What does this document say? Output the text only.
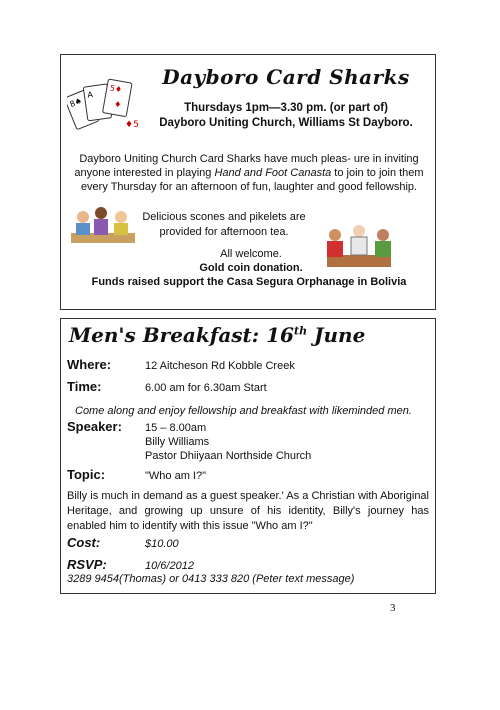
8♠
A
5♦
♦
♦5
Dayboro Card Sharks
Thursdays 1pm—3.30 pm. (or part of)
Dayboro Uniting Church, Williams St Dayboro.
Dayboro Uniting Church Card Sharks have much pleas- ure in inviting anyone interested in playing Hand and Foot Canasta to join to join them every Thursday for an afternoon of fun, laughter and good fellowship.
Delicious scones and pikelets are provided for afternoon tea.
All welcome.
Gold coin donation.
Funds raised support the Casa Segura Orphanage in Bolivia
Men's Breakfast: 16th June
Where:	12 Aitcheson Rd Kobble Creek
Time:	6.00 am for 6.30am Start
Come along and enjoy fellowship and breakfast with likeminded men.
Speaker: 15 – 8.00am
Billy Williams
Pastor Dhiiyaan Northside Church
Topic:	"Who am I?"
Billy is much in demand as a guest speaker.' As a Christian with Aboriginal Heritage, and growing up unsure of his identity, Billy's journey has enabled him to identify with this issue "Who am I?"
Cost:	$10.00
RSVP:	10/6/2012
3289 9454(Thomas) or 0413 333 820 (Peter text message)
3
